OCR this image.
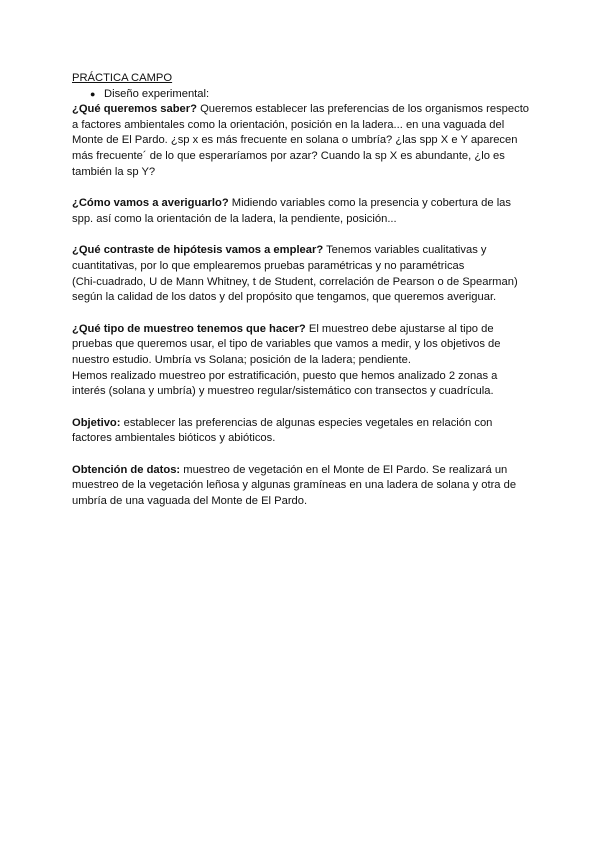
PRÁCTICA CAMPO

● Diseño experimental:
¿Qué queremos saber? Queremos establecer las preferencias de los organismos respecto
a factores ambientales como la orientación, posición en la ladera... en una vaguada del
Monte de El Pardo. ¿sp x es más frecuente en solana o umbría? ¿las spp X e Y aparecen
más frecuente´ de lo que esperaríamos por azar? Cuando la sp X es abundante, ¿lo es
también la sp Y?
¿Cómo vamos a averiguarlo? Midiendo variables como la presencia y cobertura de las
spp. así como la orientación de la ladera, la pendiente, posición...
¿Qué contraste de hipótesis vamos a emplear? Tenemos variables cualitativas y
cuantitativas, por lo que emplearemos pruebas paramétricas y no paramétricas
(Chi-cuadrado, U de Mann Whitney, t de Student, correlación de Pearson o de Spearman)
según la calidad de los datos y del propósito que tengamos, que queremos averiguar.
¿Qué tipo de muestreo tenemos que hacer? El muestreo debe ajustarse al tipo de
pruebas que queremos usar, el tipo de variables que vamos a medir, y los objetivos de
nuestro estudio. Umbría vs Solana; posición de la ladera; pendiente.
Hemos realizado muestreo por estratificación, puesto que hemos analizado 2 zonas a
interés (solana y umbría) y muestreo regular/sistemático con transectos y cuadrícula.
Objetivo: establecer las preferencias de algunas especies vegetales en relación con
factores ambientales bióticos y abióticos.
Obtención de datos: muestreo de vegetación en el Monte de El Pardo. Se realizará un
muestreo de la vegetación leñosa y algunas gramíneas en una ladera de solana y otra de
umbría de una vaguada del Monte de El Pardo.
